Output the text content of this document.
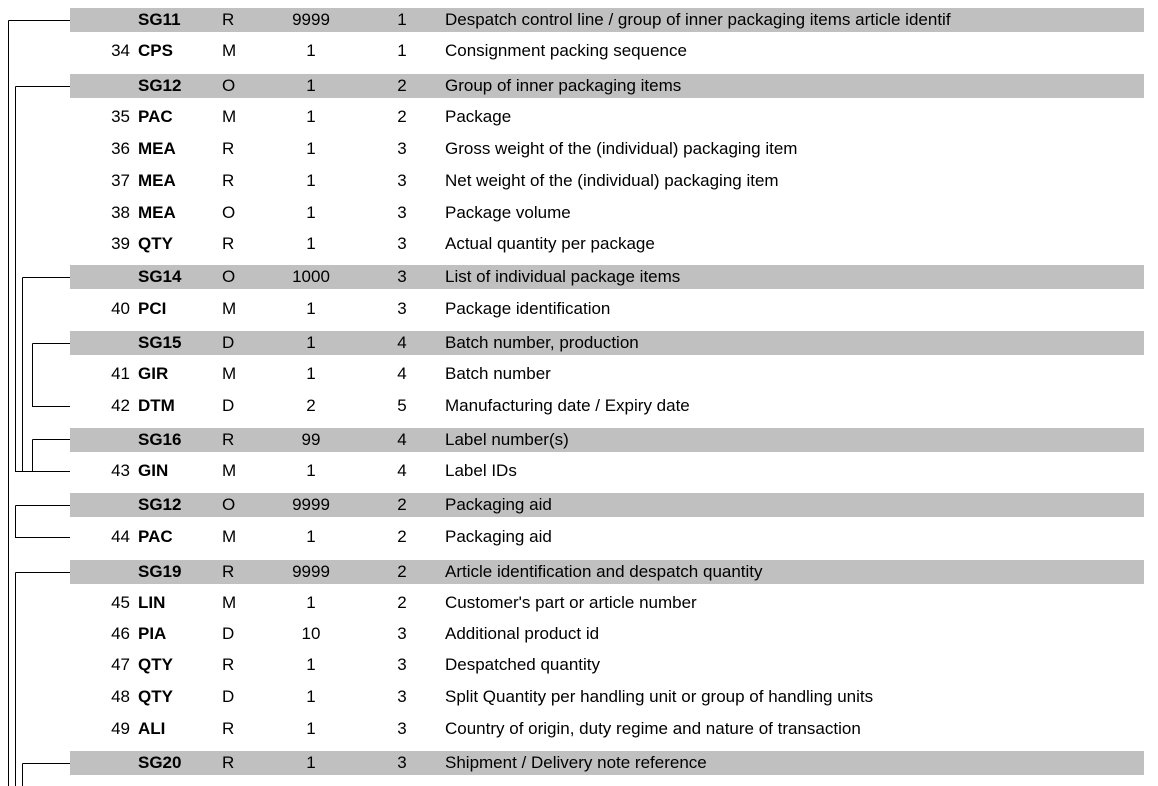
SG11 R	9999	1	Despatch control line / group of inner packaging items article identif
34 CPS	M	1	1	Consignment packing sequence
SG12 O	1	2	Group of inner packaging items
35 PAC	M	1	2	Package
36 MEA	R	1	3	Gross weight of the (individual) packaging item
37 MEA	R	1	3	Net weight of the (individual) packaging item
38 MEA	O	1	3	Package volume
39 QTY	R	1	3	Actual quantity per package
SG14 O	1000	3	List of individual package items
40 PCI	M	1	3	Package identification
SG15 D	1	4	Batch number, production
41 GIR	M	1	4	Batch number
42 DTM	D	2	5	Manufacturing date / Expiry date
SG16 R	99	4	Label number(s)
43 GIN	M	1	4	Label IDs
SG12 O	9999	2	Packaging aid
44 PAC	M	1	2	Packaging aid
SG19 R	9999	2	Article identification and despatch quantity
45 LIN	M	1	2	Customer's part or article number
46 PIA	D	10	3	Additional product id
47 QTY	R	1	3	Despatched quantity
48 QTY	D	1	3	Split Quantity per handling unit or group of handling units
49 ALI	R	1	3	Country of origin, duty regime and nature of transaction
SG20 R	1	3	Shipment / Delivery note reference
